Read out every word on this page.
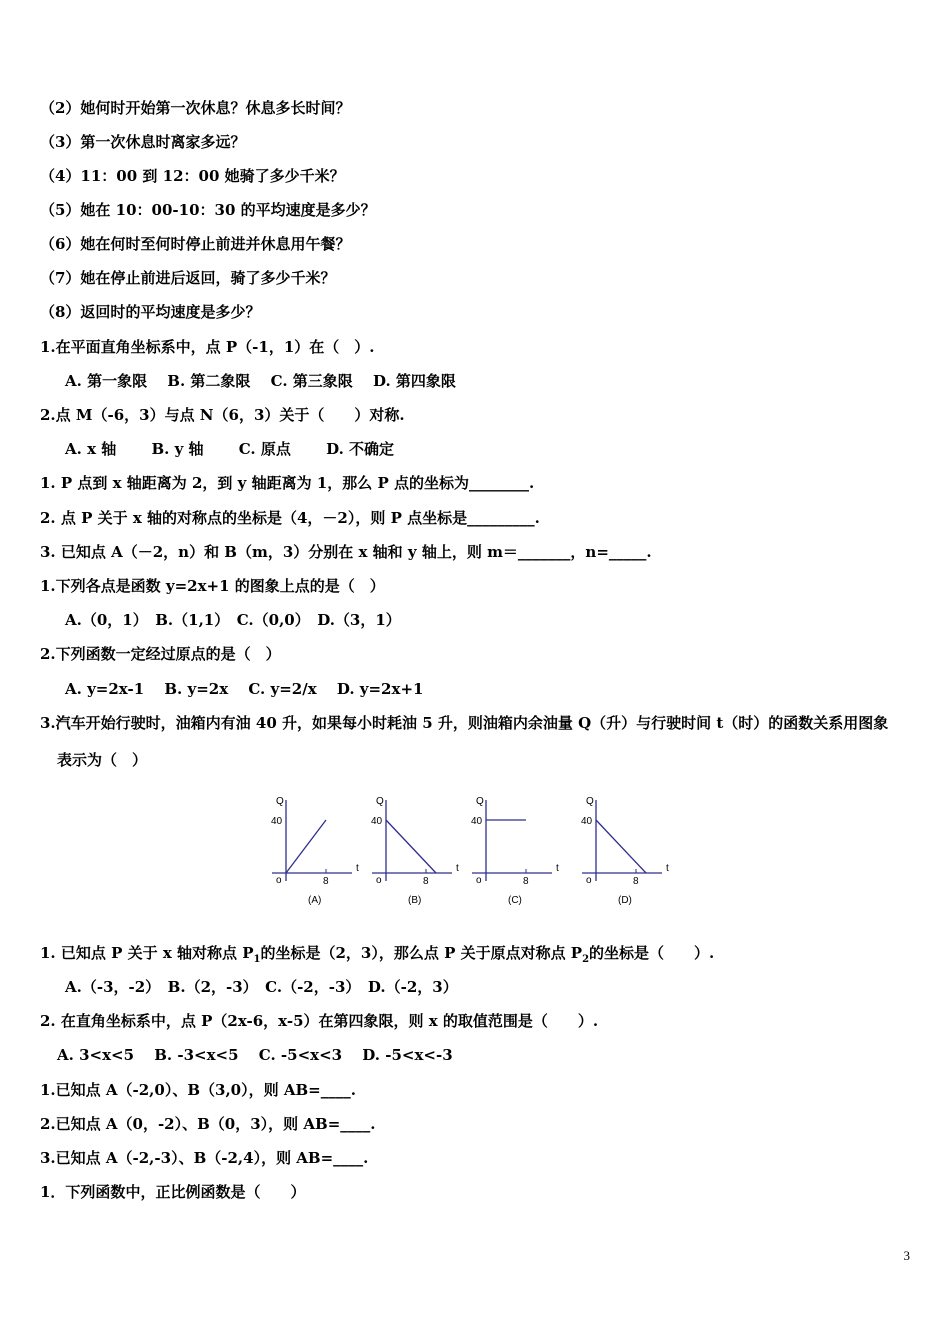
（2）她何时开始第一次休息？休息多长时间？
（3）第一次休息时离家多远？
（4）11：00 到 12：00 她骑了多少千米？
（5）她在 10：00-10：30 的平均速度是多少？
（6）她在何时至何时停止前进并休息用午餐？
（7）她在停止前进后返回，骑了多少千米？
（8）返回时的平均速度是多少？
1.在平面直角坐标系中，点 P（-1，1）在（　）.
A. 第一象限　 B. 第二象限　 C. 第三象限　 D. 第四象限
2.点 M（-6，3）与点 N（6，3）关于（　　）对称.
A. x 轴　　 B. y 轴　　 C. 原点　　 D. 不确定
1. P 点到 x 轴距离为 2，到 y 轴距离为 1，那么 P 点的坐标为________.
2. 点 P 关于 x 轴的对称点的坐标是（4，－2），则 P 点坐标是_________.
3. 已知点 A（－2，n）和 B（m，3）分别在 x 轴和 y 轴上，则 m＝_______，n=_____.
1.下列各点是函数 y=2x+1 的图象上点的是（　）
A.（0，1）　B.（1,1）　C.（0,0）　D.（3，1）
2.下列函数一定经过原点的是（　）
A. y=2x-1　 B. y=2x　 C. y=2/x　 D. y=2x+1
3.汽车开始行驶时，油箱内有油 40 升，如果每小时耗油 5 升，则油箱内余油量 Q（升）与行驶时间 t（时）的函数关系用图象
表示为（　）
A.（-3，-2）　B.（2，-3）　C.（-2，-3）　D.（-2，3）
2. 在直角坐标系中，点 P（2x-6，x-5）在第四象限，则 x 的取值范围是（　　）.
A. 3<x<5　 B. -3<x<5　 C. -5<x<3　 D. -5<x<-3
1.已知点 A（-2,0）、B（3,0），则 AB=____.
2.已知点 A（0，-2）、B（0，3），则 AB=____.
3.已知点 A（-2,-3）、B（-2,4），则 AB=____.
1．下列函数中，正比例函数是（　　）
1. 已知点 P 关于 x 轴对称点 $P_1$的坐标是（2，3），那么点 P 关于原点对称点 $P_2$的坐标是（　　）.
Q
40
t
o	8
(A)
Q
40
t
o	8
(B)
Q
40
t
o	8
(C)
Q
40
t
o	8
(D)
3
